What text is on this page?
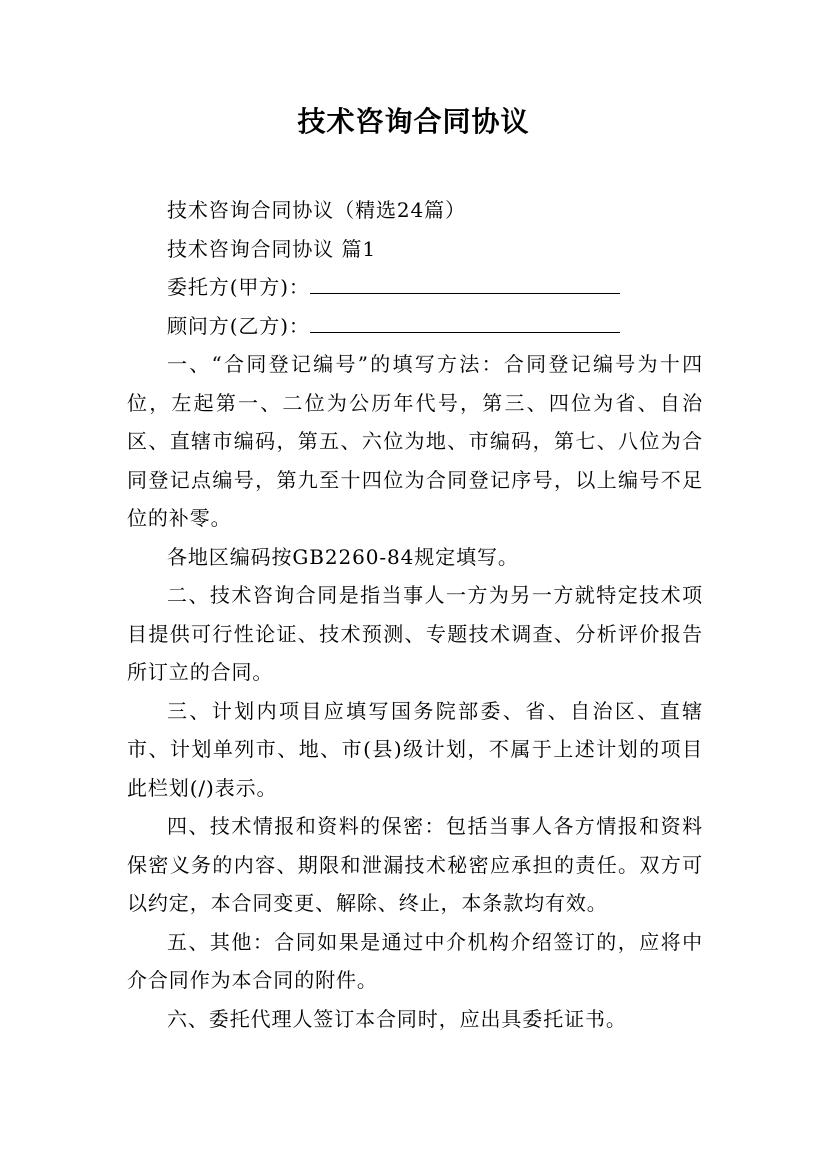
技术咨询合同协议

技术咨询合同协议（精选24篇）

技术咨询合同协议 篇1

委托方(甲方)：

顾问方(乙方)：

一、“合同登记编号”的填写方法：合同登记编号为十四位，左起第一、二位为公历年代号，第三、四位为省、自治区、直辖市编码，第五、六位为地、市编码，第七、八位为合同登记点编号，第九至十四位为合同登记序号，以上编号不足位的补零。

各地区编码按GB2260-84规定填写。

二、技术咨询合同是指当事人一方为另一方就特定技术项目提供可行性论证、技术预测、专题技术调查、分析评价报告所订立的合同。

三、计划内项目应填写国务院部委、省、自治区、直辖市、计划单列市、地、市(县)级计划，不属于上述计划的项目此栏划(/)表示。

四、技术情报和资料的保密：包括当事人各方情报和资料保密义务的内容、期限和泄漏技术秘密应承担的责任。双方可以约定，本合同变更、解除、终止，本条款均有效。

五、其他：合同如果是通过中介机构介绍签订的，应将中介合同作为本合同的附件。

六、委托代理人签订本合同时，应出具委托证书。
